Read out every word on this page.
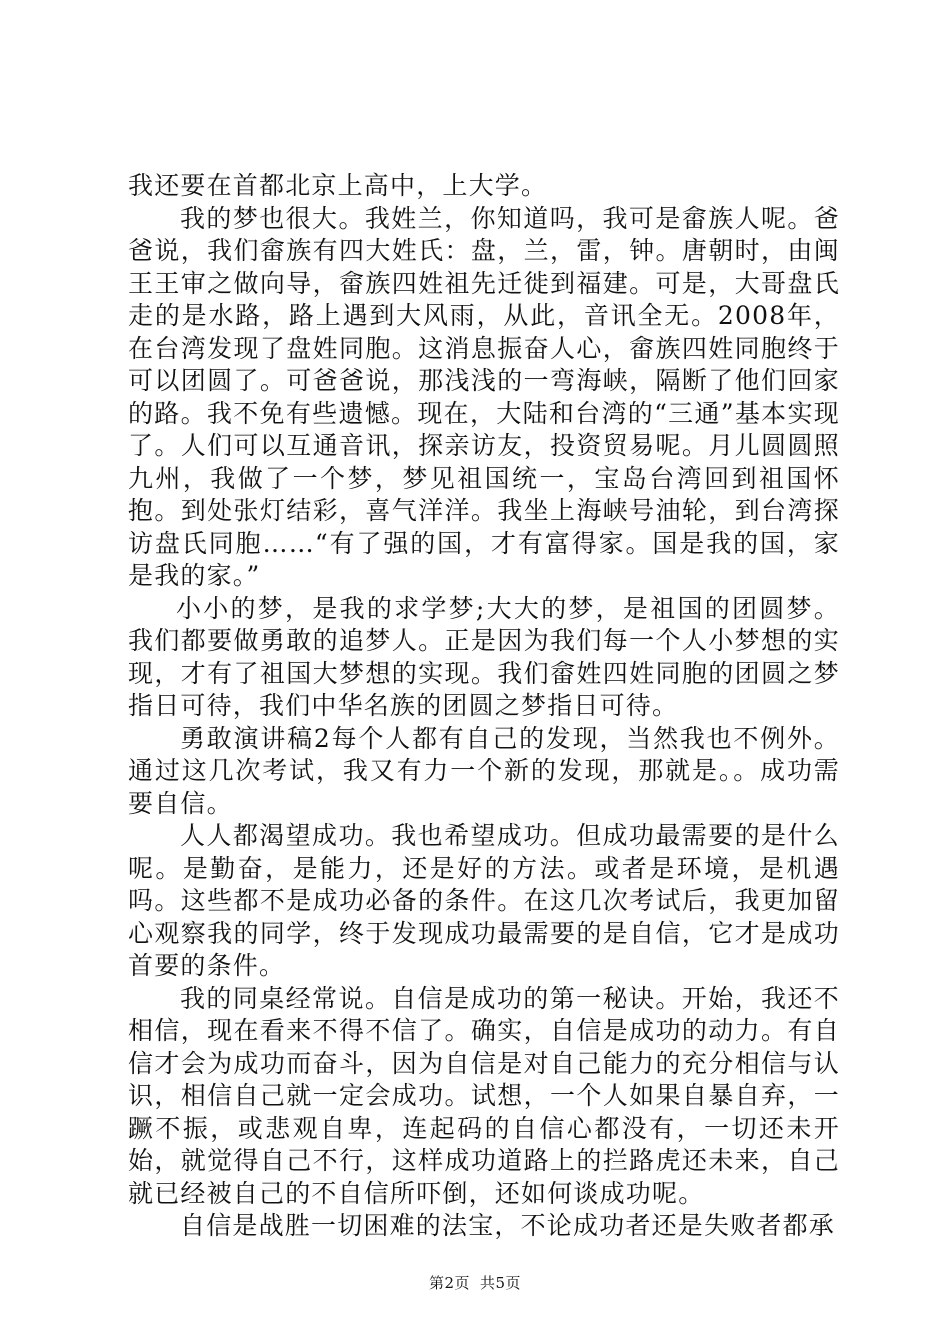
我还要在首都北京上高中，上大学。

我的梦也很大。我姓兰，你知道吗，我可是畲族人呢。爸爸说，我们畲族有四大姓氏：盘，兰，雷，钟。唐朝时，由闽王王审之做向导，畲族四姓祖先迁徙到福建。可是，大哥盘氏走的是水路，路上遇到大风雨，从此，音讯全无。2008年，在台湾发现了盘姓同胞。这消息振奋人心，畲族四姓同胞终于可以团圆了。可爸爸说，那浅浅的一弯海峡，隔断了他们回家的路。我不免有些遗憾。现在，大陆和台湾的“三通”基本实现了。人们可以互通音讯，探亲访友，投资贸易呢。月儿圆圆照九州，我做了一个梦，梦见祖国统一，宝岛台湾回到祖国怀抱。到处张灯结彩，喜气洋洋。我坐上海峡号油轮，到台湾探访盘氏同胞……“有了强的国，才有富得家。国是我的国，家是我的家。”

小小的梦，是我的求学梦;大大的梦，是祖国的团圆梦。我们都要做勇敢的追梦人。正是因为我们每一个人小梦想的实现，才有了祖国大梦想的实现。我们畲姓四姓同胞的团圆之梦指日可待，我们中华名族的团圆之梦指日可待。

勇敢演讲稿2每个人都有自己的发现，当然我也不例外。通过这几次考试，我又有力一个新的发现，那就是。。成功需要自信。

人人都渴望成功。我也希望成功。但成功最需要的是什么呢。是勤奋，是能力，还是好的方法。或者是环境，是机遇吗。这些都不是成功必备的条件。在这几次考试后，我更加留心观察我的同学，终于发现成功最需要的是自信，它才是成功首要的条件。

我的同桌经常说。自信是成功的第一秘诀。开始，我还不相信，现在看来不得不信了。确实，自信是成功的动力。有自信才会为成功而奋斗，因为自信是对自己能力的充分相信与认识，相信自己就一定会成功。试想，一个人如果自暴自弃，一蹶不振，或悲观自卑，连起码的自信心都没有，一切还未开始，就觉得自己不行，这样成功道路上的拦路虎还未来，自己就已经被自己的不自信所吓倒，还如何谈成功呢。

自信是战胜一切困难的法宝，不论成功者还是失败者都承

第2页 共5页
